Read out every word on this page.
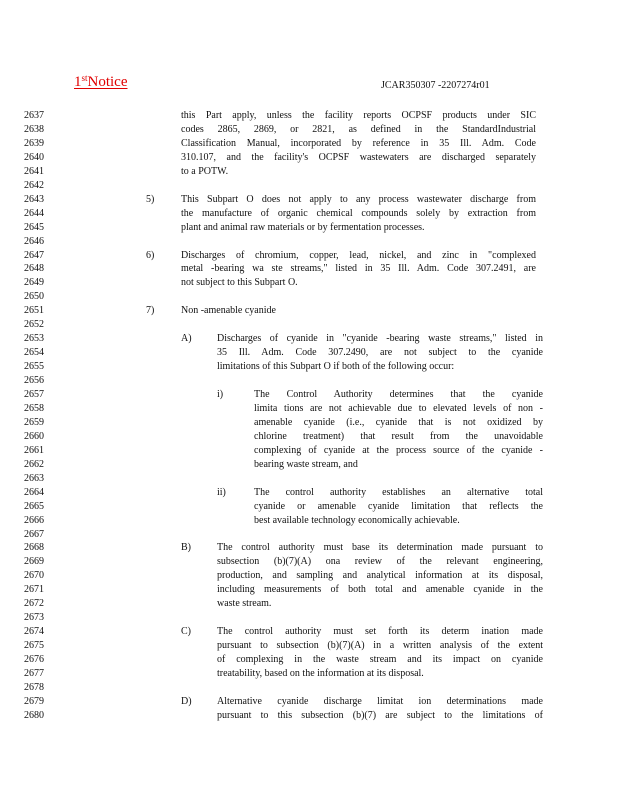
1stNotice	JCAR350307 -2207274r01
2637
2638
2639
2640
2641
2642
2643
2644
2645
2646
2647
2648
2649
2650
2651
2652
2653
2654
2655
2656
2657
2658
2659
2660
2661
2662
2663
2664
2665
2666
2667
2668
2669
2670
2671
2672
2673
2674
2675
2676
2677
2678
2679
2680
this Part apply, unless the facility reports OCPSF products under SIC
codes 2865, 2869, or 2821, as defined in the StandardIndustrial
Classification Manual, incorporated by reference in 35 Ill. Adm. Code
310.107, and the facility's OCPSF wastewaters are discharged separately
to a POTW.
5)	This Subpart O does not apply to any process wastewater discharge from
the manufacture of organic chemical compounds solely by extraction from
plant and animal raw materials or by fermentation processes.
6)	Discharges of chromium, copper, lead, nickel, and zinc in "complexed
metal -bearing wa ste streams," listed in 35 Ill. Adm. Code 307.2491, are
not subject to this Subpart O.
7)	Non -amenable cyanide
A)	Discharges of cyanide in "cyanide -bearing waste streams," listed in
35 Ill. Adm. Code 307.2490, are not subject to the cyanide
limitations of this Subpart O if both of the following occur:
i)	The Control Authority determines that the cyanide
limita tions are not achievable due to elevated levels of non -
amenable cyanide (i.e., cyanide that is not oxidized by
chlorine treatment) that result from the unavoidable
complexing of cyanide at the process source of the cyanide -
bearing waste stream, and
ii)	The control authority establishes an alternative total
cyanide or amenable cyanide limitation that reflects the
best available technology economically achievable.
B)	The control authority must base its determination made pursuant to
subsection (b)(7)(A) ona review of the relevant engineering,
production, and sampling and analytical information at its disposal,
including measurements of both total and amenable cyanide in the
waste stream.
C)	The control authority must set forth its determ ination made
pursuant to subsection (b)(7)(A) in a written analysis of the extent
of complexing in the waste stream and its impact on cyanide
treatability, based on the information at its disposal.
D)	Alternative cyanide discharge limitat ion determinations made
pursuant to this subsection (b)(7) are subject to the limitations of
